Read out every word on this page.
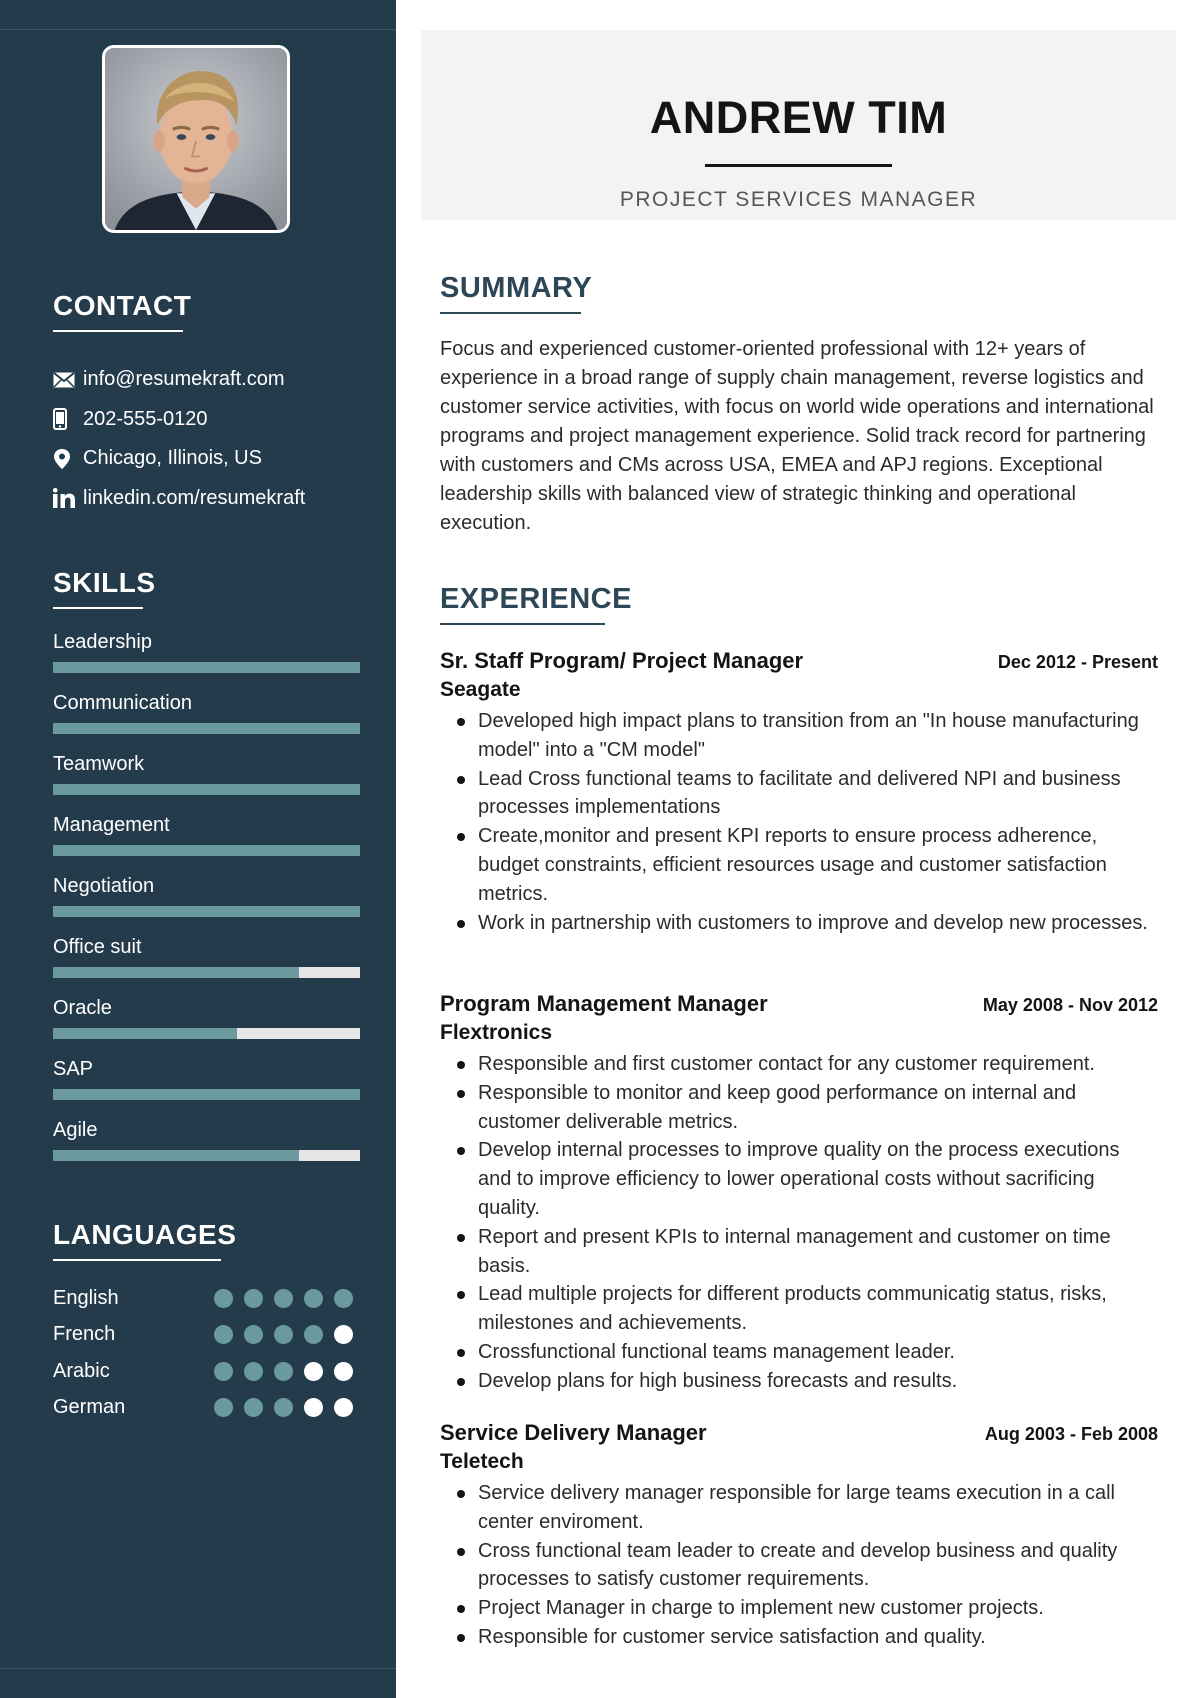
CONTACT
info@resumekraft.com
202-555-0120
Chicago, Illinois, US
linkedin.com/resumekraft
SKILLS
Leadership
Communication
Teamwork
Management
Negotiation
Office suit
Oracle
SAP
Agile
LANGUAGES
English
French
Arabic
German
ANDREW TIM
PROJECT SERVICES MANAGER
SUMMARY

Focus and experienced customer-oriented professional with 12+ years of experience in a broad range of supply chain management, reverse logistics and customer service activities, with focus on world wide operations and international programs and project management experience. Solid track record for partnering with customers and CMs across USA, EMEA and APJ regions. Exceptional leadership skills with balanced view of strategic thinking and operational execution.

EXPERIENCE
Sr. Staff Program/ Project Manager	Dec 2012 - Present
Seagate
Developed high impact plans to transition from an "In house manufacturing model" into a "CM model"
Lead Cross functional teams to facilitate and delivered NPI and business processes implementations
Create,monitor and present KPI reports to ensure process adherence, budget constraints, efficient resources usage and customer satisfaction metrics.
Work in partnership with customers to improve and develop new processes.
Program Management Manager	May 2008 - Nov 2012
Flextronics
Responsible and first customer contact for any customer requirement.
Responsible to monitor and keep good performance on internal and customer deliverable metrics.
Develop internal processes to improve quality on the process executions and to improve efficiency to lower operational costs without sacrificing quality.
Report and present KPIs to internal management and customer on time basis.
Lead multiple projects for different products communicatig status, risks, milestones and achievements.
Crossfunctional functional teams management leader.
Develop plans for high business forecasts and results.
Service Delivery Manager	Aug 2003 - Feb 2008
Teletech
Service delivery manager responsible for large teams execution in a call center enviroment.
Cross functional team leader to create and develop business and quality processes to satisfy customer requirements.
Project Manager in charge to implement new customer projects.
Responsible for customer service satisfaction and quality.
